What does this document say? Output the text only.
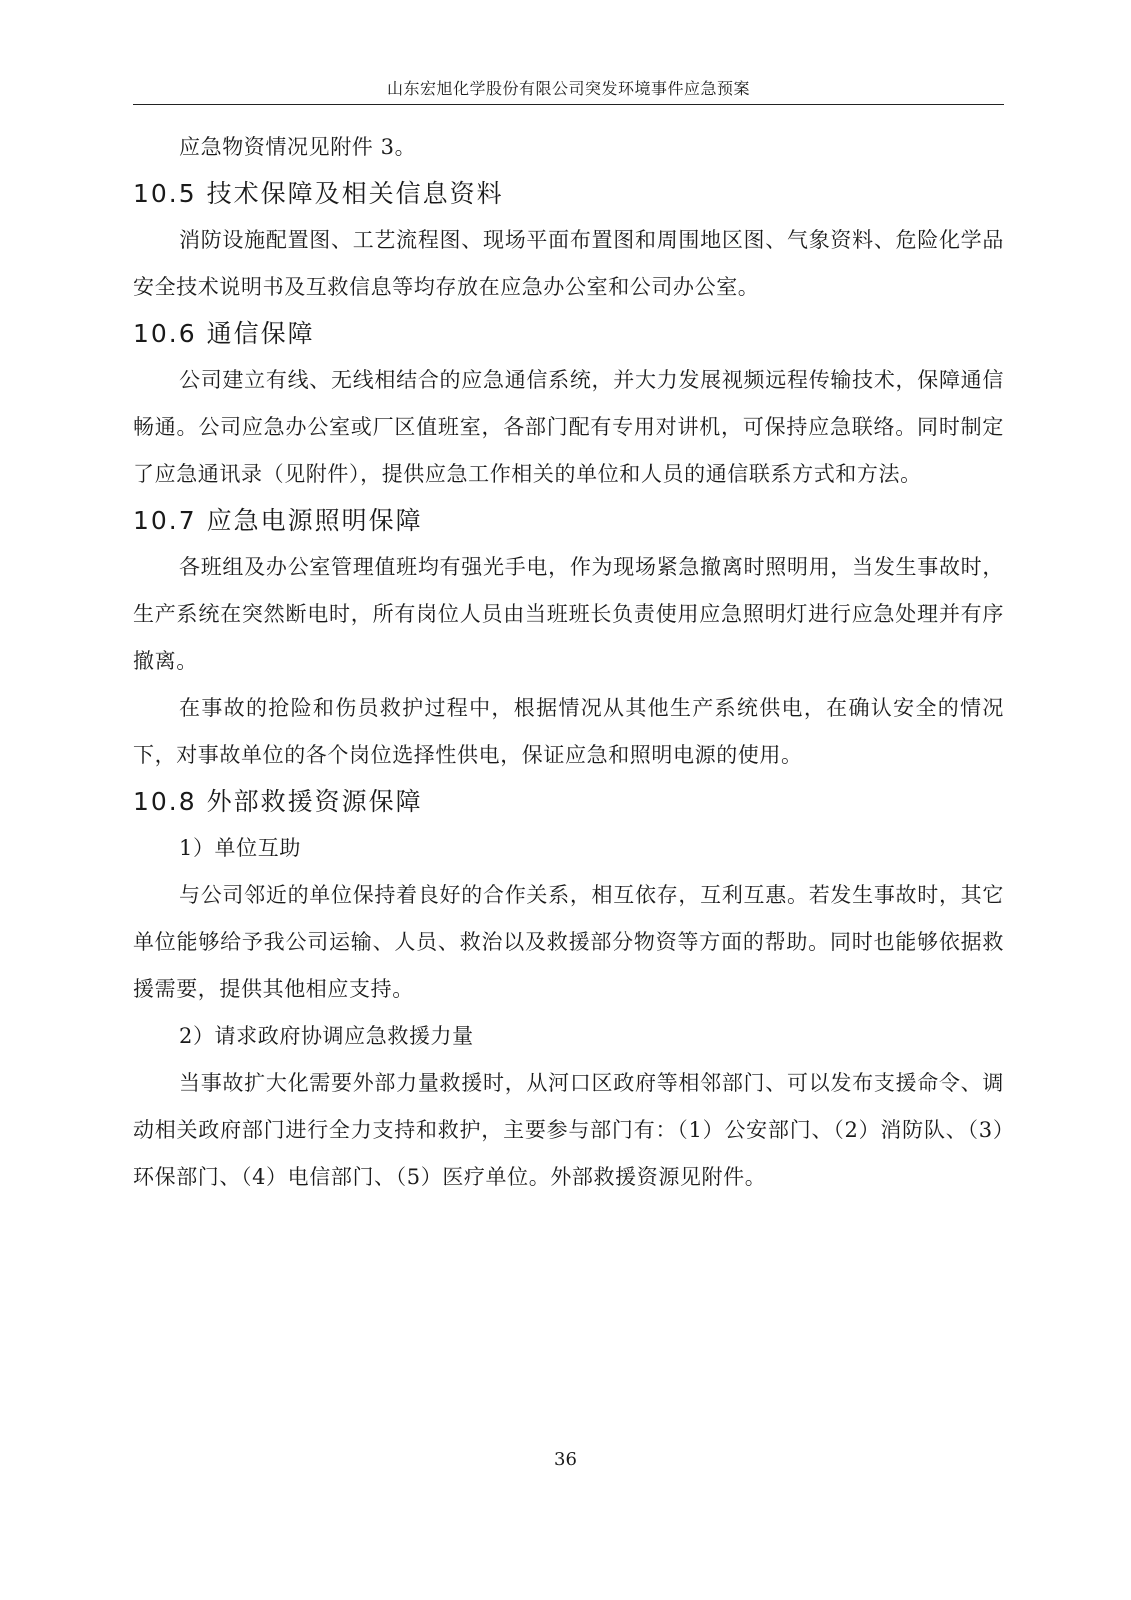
山东宏旭化学股份有限公司突发环境事件应急预案

应急物资情况见附件 3。

10.5 技术保障及相关信息资料

消防设施配置图、工艺流程图、现场平面布置图和周围地区图、气象资料、危险化学品安全技术说明书及互救信息等均存放在应急办公室和公司办公室。

10.6 通信保障

公司建立有线、无线相结合的应急通信系统，并大力发展视频远程传输技术，保障通信畅通。公司应急办公室或厂区值班室，各部门配有专用对讲机，可保持应急联络。同时制定了应急通讯录（见附件），提供应急工作相关的单位和人员的通信联系方式和方法。

10.7 应急电源照明保障

各班组及办公室管理值班均有强光手电，作为现场紧急撤离时照明用，当发生事故时，生产系统在突然断电时，所有岗位人员由当班班长负责使用应急照明灯进行应急处理并有序撤离。

在事故的抢险和伤员救护过程中，根据情况从其他生产系统供电，在确认安全的情况下，对事故单位的各个岗位选择性供电，保证应急和照明电源的使用。

10.8 外部救援资源保障

1）单位互助

与公司邻近的单位保持着良好的合作关系，相互依存，互利互惠。若发生事故时，其它单位能够给予我公司运输、人员、救治以及救援部分物资等方面的帮助。同时也能够依据救援需要，提供其他相应支持。

2）请求政府协调应急救援力量

当事故扩大化需要外部力量救援时，从河口区政府等相邻部门、可以发布支援命令、调动相关政府部门进行全力支持和救护，主要参与部门有：（1）公安部门、（2）消防队、（3）环保部门、（4）电信部门、（5）医疗单位。外部救援资源见附件。

36
